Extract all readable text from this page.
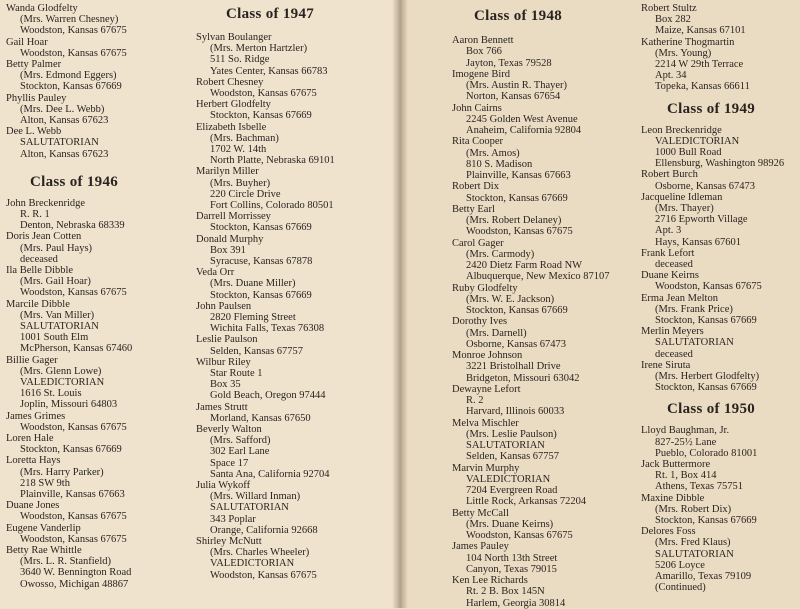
Wanda Glodfelty
(Mrs. Warren Chesney)
Woodston, Kansas 67675
Gail Hoar
Woodston, Kansas 67675
Betty Palmer
(Mrs. Edmond Eggers)
Stockton, Kansas 67669
Phyllis Pauley
(Mrs. Dee L. Webb)
Alton, Kansas 67623
Dee L. Webb
SALUTATORIAN
Alton, Kansas 67623
Class of 1946
John Breckenridge
R. R. 1
Denton, Nebraska 68339
Doris Jean Cotten
(Mrs. Paul Hays)
deceased
Ila Belle Dibble
(Mrs. Gail Hoar)
Woodston, Kansas 67675
Marcile Dibble
(Mrs. Van Miller)
SALUTATORIAN
1001 South Elm
McPherson, Kansas 67460
Billie Gager
(Mrs. Glenn Lowe)
VALEDICTORIAN
1616 St. Louis
Joplin, Missouri 64803
James Grimes
Woodston, Kansas 67675
Loren Hale
Stockton, Kansas 67669
Loretta Hays
(Mrs. Harry Parker)
218 SW 9th
Plainville, Kansas 67663
Duane Jones
Woodston, Kansas 67675
Eugene Vanderlip
Woodston, Kansas 67675
Betty Rae Whittle
(Mrs. L. R. Stanfield)
3640 W. Bennington Road
Owosso, Michigan 48867
Class of 1947
Sylvan Boulanger
(Mrs. Merton Hartzler)
511 So. Ridge
Yates Center, Kansas 66783
Robert Chesney
Woodston, Kansas 67675
Herbert Glodfelty
Stockton, Kansas 67669
Elizabeth Isbelle
(Mrs. Bachman)
1702 W. 14th
North Platte, Nebraska 69101
Marilyn Miller
(Mrs. Buyher)
220 Circle Drive
Fort Collins, Colorado 80501
Darrell Morrissey
Stockton, Kansas 67669
Donald Murphy
Box 391
Syracuse, Kansas 67878
Veda Orr
(Mrs. Duane Miller)
Stockton, Kansas 67669
John Paulsen
2820 Fleming Street
Wichita Falls, Texas 76308
Leslie Paulson
Selden, Kansas 67757
Wilbur Riley
Star Route 1
Box 35
Gold Beach, Oregon 97444
James Strutt
Morland, Kansas 67650
Beverly Walton
(Mrs. Safford)
302 Earl Lane
Space 17
Santa Ana, California 92704
Julia Wykoff
(Mrs. Willard Inman)
SALUTATORIAN
343 Poplar
Orange, California 92668
Shirley McNutt
(Mrs. Charles Wheeler)
VALEDICTORIAN
Woodston, Kansas 67675
Class of 1948
Aaron Bennett
Box 766
Jayton, Texas 79528
Imogene Bird
(Mrs. Austin R. Thayer)
Norton, Kansas 67654
John Cairns
2245 Golden West Avenue
Anaheim, California 92804
Rita Cooper
(Mrs. Amos)
810 S. Madison
Plainville, Kansas 67663
Robert Dix
Stockton, Kansas 67669
Betty Earl
(Mrs. Robert Delaney)
Woodston, Kansas 67675
Carol Gager
(Mrs. Carmody)
2420 Dietz Farm Road NW
Albuquerque, New Mexico 87107
Ruby Glodfelty
(Mrs. W. E. Jackson)
Stockton, Kansas 67669
Dorothy Ives
(Mrs. Darnell)
Osborne, Kansas 67473
Monroe Johnson
3221 Bristolhall Drive
Bridgeton, Missouri 63042
Dewayne Lefort
R. 2
Harvard, Illinois 60033
Melva Mischler
(Mrs. Leslie Paulson)
SALUTATORIAN
Selden, Kansas 67757
Marvin Murphy
VALEDICTORIAN
7204 Evergreen Road
Little Rock, Arkansas 72204
Betty McCall
(Mrs. Duane Keirns)
Woodston, Kansas 67675
James Pauley
104 North 13th Street
Canyon, Texas 79015
Ken Lee Richards
Rt. 2 B. Box 145N
Harlem, Georgia 30814
Robert Stultz
Box 282
Maize, Kansas 67101
Katherine Thogmartin
(Mrs. Young)
2214 W 29th Terrace
Apt. 34
Topeka, Kansas 66611
Class of 1949
Leon Breckenridge
VALEDICTORIAN
1000 Bull Road
Ellensburg, Washington 98926
Robert Burch
Osborne, Kansas 67473
Jacqueline Idleman
(Mrs. Thayer)
2716 Epworth Village
Apt. 3
Hays, Kansas 67601
Frank Lefort
deceased
Duane Keirns
Woodston, Kansas 67675
Erma Jean Melton
(Mrs. Frank Price)
Stockton, Kansas 67669
Merlin Meyers
SALUTATORIAN
deceased
Irene Siruta
(Mrs. Herbert Glodfelty)
Stockton, Kansas 67669
Class of 1950
Lloyd Baughman, Jr.
827-25½ Lane
Pueblo, Colorado 81001
Jack Buttermore
Rt. 1, Box 414
Athens, Texas 75751
Maxine Dibble
(Mrs. Robert Dix)
Stockton, Kansas 67669
Delores Foss
(Mrs. Fred Klaus)
SALUTATORIAN
5206 Loyce
Amarillo, Texas 79109
(Continued)
